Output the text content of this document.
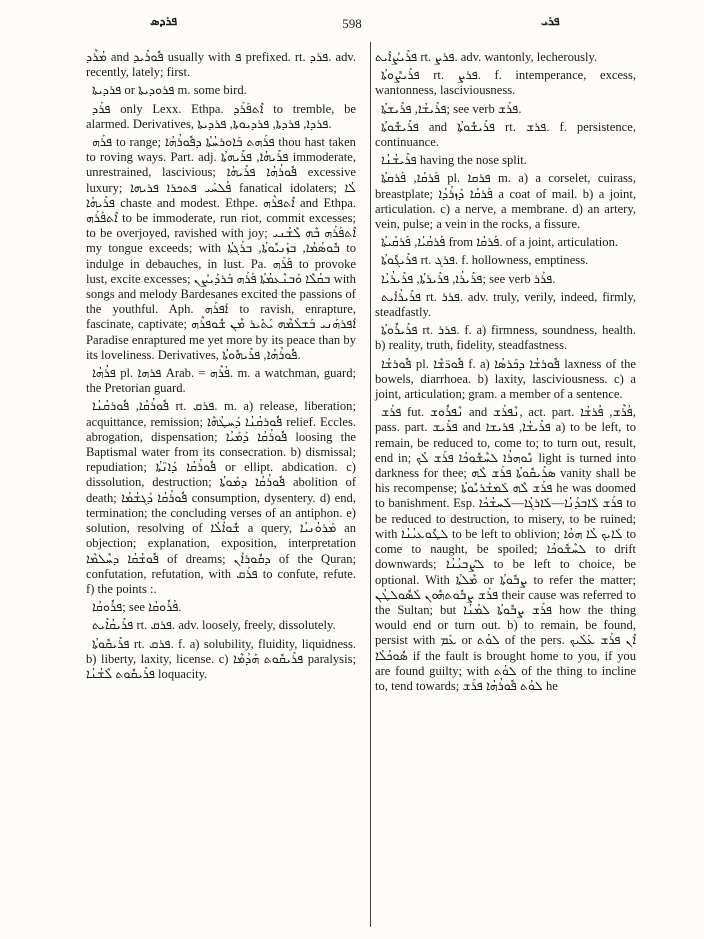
ܦܪܕܣ	598	ܦܪܝ

ܡܳܪܶܕ and ܦܽܘܪܺܝܕ usually with ܦ prefixed. rt. ܦܪܕ. adv. recently, lately; first.

ܦܪܕܝܬܐ or ܦܪܘܕܝܬܐ m. some bird.

ܦܪܰܕ only Lexx. Ethpa. ܐܶܬܦܰܪܰܕ to tremble, be alarmed. Derivatives, ܦܪܕܐ, ܦܪܕܬܐ, ܦܪܕܝܘܬܐ, ܦܪܕܝܬܐ.

ܦܪܰܗ to range; ܦܪܰܗܬ ܒܰܐܘܪܚܳܬܳܐ ܕܦܽܘܪܳܗܳܐ thou hast taken to roving ways. Part. adj. ܦܪܺܝܗܳܐ, ܦܪܺܝܗܬܳܐ immoderate, unrestrained, lascivious; ܦܽܘܪܳܗܳܐ ܦܪܺܝܗܳܐ excessive luxury; ܦܳܠܚܰܝ ܦܬܟܪܐ ܦܪܝܗܐ fanatical idolaters; ܠܳܐ ܦܪܺܝܗܳܐ chaste and modest. Ethpe. ܐܶܬܦܪܶܗ and Ethpa. ܐܶܬܦܰܪܰܗ to be immoderate, run riot, commit excesses; to be overjoyed, ravished with joy; ܐܶܬܦܰܪܰܗ ܒܶܗ ܠܶܫܳܢܝ my tongue exceeds; with ܒܽܘܣܳܡܳܐ, ܒܙܰܢܝܽܘܬܳܐ, ܒܪܰܓܬܳܐ to indulge in debauches, in lust. Pa. ܦܰܪܰܗ to provoke lust, excite excesses; ܒܩܳܠܶܐ ܘܰܒܢܶܥܡܳܬܳܐ ܦܰܪܰܗ ܒܰܪܕܰܝܨܳܢ with songs and melody Bardesanes excited the passions of the youthful. Aph. ܐܰܦܪܰܗ to ravish, enrapture, fascinate, captivate; ܐܰܦܪܗܰܢܝ ܒܰܫܠܳܡܶܗ ܝܰܬܺܝܪ ܡܶܢ ܫܽܘܦܪܶܗ Paradise enraptured me yet more by its peace than by its loveliness. Derivatives, ܦܽܘܪܳܗܳܐ, ܦܪܺܝܗܽܘܬܳܐ.

ܦܪܳܗܳܐ pl. ܦܪܗܐ Arab. = ܦܳܪܶܗ. m. a watchman, guard; the Pretorian guard.

ܦܽܘܪܳܩܳܐ, ܦܽܘܪܩܳܢܳܐ rt. ܦܪܩ. m. a) release, liberation; acquittance, remission; ܦܽܘܪܩܳܢܳܐ ܕܰܚܛܳܗܶܐ relief. Eccles. abrogation, dispensation; ܦܽܘܪܳܩܳܐ ܕܰܡܰܝܳܐ loosing the Baptismal water from its consecration. b) dismissal; repudiation; ܦܽܘܪܳܩܳܐ ܕܰܐܢ̈ܬܳܐ or ellipt. abdication. c) dissolution, destruction; ܦܽܘܪܳܩܳܐ ܕܡܰܘܬܳܐ abolition of death; ܦܽܘܪܳܩܳܐ ܕܰܓܫܳܡܳܐ consumption, dysentery. d) end, termination; the concluding verses of an antiphon. e) solution, resolving of ܫܽܘܐܳܠܳܐ a query, ܡܰܪܘܳܢܝܳܐ an objection; explanation, exposition, interpretation ܦܽܘܫܳܩܳܐ ܕܚܶܠܡܶܐ of dreams; ܕܩܽܘܪܐܳܢ of the Quran; confutation, refutation, with ܦܪܰܩ to confute, refute. f) the points :.

ܦܪܽܘܩܳܐ; see ܦܳܪܽܘܩܳܐ.

ܦܪܺܝܩܳܐܺܝܬ rt. ܦܪܩ. adv. loosely, freely, dissolutely.

ܦܪܺܝܩܽܘܬܳܐ rt. ܦܪܩ. f. a) solubility, fluidity, liquidness. b) liberty, laxity, license. c) ܦܪܺܝܩܽܘܬ ܗܰܕܳܡܶܐ paralysis; ܦܪܺܝܩܽܘܬ ܠܶܫܳܢܳܐ loquacity.

ܦܪܺܝܨܳܐܺܝܬ rt. ܦܪܨ. adv. wantonly, lecherously.

ܦܪܺܝܨܽܘܬܳܐ rt. ܦܪܨ. f. intemperance, excess, wantonness, lasciviousness.

ܦܪܺܝܫܳܐ, ܦܪܺܝܫܬܳܐ; see verb ܦܪܰܫ.

ܦܪܺܝܫܽܘܬܳܐ and ܦܪܺܝܫܽܘܬܳܐ rt. ܦܪܫ. f. persistence, continuance.

ܦܪܺܝܫܳܢܳܐ having the nose split.

ܦܰܪܩܳܐ, ܦܰܪܩܬܳܐ pl. ܦܪܩܐ m. a) a corselet, cuirass, breastplate; ܦܰܪܩܳܐ ܕܰܙܪܳܕܳܐ a coat of mail. b) a joint, articulation. c) a nerve, a membrane. d) an artery, vein, pulse; a vein in the rocks, a fissure.

ܦܰܪܩܳܝܳܐ, ܦܰܪܩܳܝܬܳܐ from ܦܰܪܩܳܐ. of a joint, articulation.

ܦܪܺܝܓܽܘܬܳܐ rt. ܦܪܓ. f. hollowness, emptiness.

ܦܪܺܝܪܳܐ, ܦܪܺܝܪܬܳܐ, ܦܪܺܝܪܳܝܳܐ; see verb ܦܪܰܪ.

ܦܪܺܝܪܳܐܺܝܬ rt. ܦܪܪ. adv. truly, verily, indeed, firmly, steadfastly.

ܦܪܺܝܪܽܘܬܳܐ rt. ܦܪܪ. f. a) firmness, soundness, health. b) reality, truth, fidelity, steadfastness.

ܦܽܘܪܫܳܐ pl. ܦܽܘܪ̈ܫܶܐ f. a) ܦܽܘܪܫܳܐ ܕܟܰܪܣܳܐ laxness of the bowels, diarrhoea. b) laxity, lasciviousness. c) a joint, articulation; gram. a member of a sentence.

ܦܪܰܫ fut. ܢܶܦܪܽܘܫ and ܢܶܦܪܰܫ, act. part. ܦܳܪܶܫ, ܦܳܪܫܳܐ, pass. part. ܦܪܺܝܫ and ܦܪܺܝܫܳܐ, ܦܪܝܫܐ a) to be left, to remain, be reduced to, come to; to turn out, result, end in; ܢܽܘܗܪܳܐ ܠܚܶܫܽܘܟܳܐ ܦܪܰܫ ܠܳܟ light is turned into darkness for thee; ܣܪܺܝܩܽܘܬܳܐ ܦܪܰܫ ܠܶܗ vanity shall be his recompense; ܦܪܰܫ ܠܶܗ ܠܰܡܫܰܪܝܽܘܬܳܐ he was doomed to banishment. Esp. ܦܪܰܫ ܠܰܐܒܕܳܢܳܐ—ܠܰܐܪܓܳܐ—ܠܰܚܫܳܟܳܐ to be reduced to destruction, to misery, to be ruined; with ܠܛܽܘܥܝܳܢܳܐ to be left to oblivion; ܠܰܐܝܟ ܠܳܐ ܗܘܳܐ to come to naught, be spoiled; ܠܚܶܫܽܘܟܳܐ to drift downwards; ܠܨܶܒܝܳܢܳܐ to be left to choice, be optional. With ܡܶܠܬܳܐ or ܨܒܽܘܬܳܐ to refer the matter; ܦܪܰܫ ܨܒܽܘܬܗܽܘܢ ܠܰܣܽܘܠܛܳܢ their cause was referred to the Sultan; but ܦܪܰܫ ܨܒܽܘܬܳܐ ܠܡܳܢܳܐ how the thing would end or turn out. b) to remain, be found, persist with ܥܰܡ or ܠܘܳܬ of the pers. ܐܶܢ ܦܪܰܫ ܥܰܠܰܝܟ ܣܽܘܟܳܠܳܐ if the fault is brought home to you, if you are found guilty; with ܠܘܳܬ of the thing to incline to, tend towards; ܠܘܳܬ ܦܽܘܪܳܗܳܐ ܦܪܰܫ he
